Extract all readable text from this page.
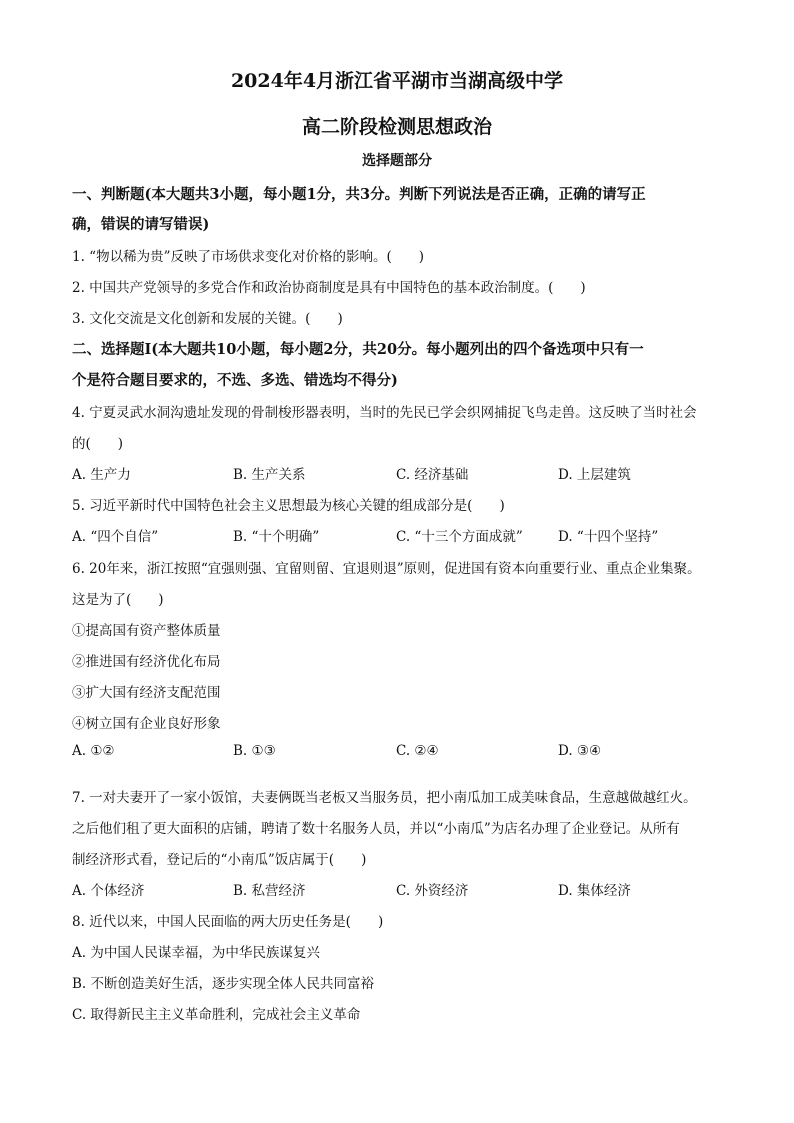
2024年4月浙江省平湖市当湖高级中学
高二阶段检测思想政治
选择题部分
一、判断题(本大题共3小题，每小题1分，共3分。判断下列说法是否正确，正确的请写正
确，错误的请写错误)
1. “物以稀为贵”反映了市场供求变化对价格的影响。(　　)
2. 中国共产党领导的多党合作和政治协商制度是具有中国特色的基本政治制度。(　　)
3. 文化交流是文化创新和发展的关键。(　　)
二、选择题Ⅰ(本大题共10小题，每小题2分，共20分。每小题列出的四个备选项中只有一
个是符合题目要求的，不选、多选、错选均不得分)
4. 宁夏灵武水洞沟遗址发现的骨制梭形器表明，当时的先民已学会织网捕捉飞鸟走兽。这反映了当时社会
的(　　)
A. 生产力	B. 生产关系	C. 经济基础	D. 上层建筑
5. 习近平新时代中国特色社会主义思想最为核心关键的组成部分是(　　)
A. “四个自信”	B. “十个明确”	C. “十三个方面成就”	D. “十四个坚持”
6. 20年来，浙江按照“宜强则强、宜留则留、宜退则退”原则，促进国有资本向重要行业、重点企业集聚。
这是为了(　　)
①提高国有资产整体质量
②推进国有经济优化布局
③扩大国有经济支配范围
④树立国有企业良好形象
A. ①②	B. ①③	C. ②④	D. ③④
7. 一对夫妻开了一家小饭馆，夫妻俩既当老板又当服务员，把小南瓜加工成美味食品，生意越做越红火。
之后他们租了更大面积的店铺，聘请了数十名服务人员，并以“小南瓜”为店名办理了企业登记。从所有
制经济形式看，登记后的“小南瓜”饭店属于(　　)
A. 个体经济	B. 私营经济	C. 外资经济	D. 集体经济
8. 近代以来，中国人民面临的两大历史任务是(　　)
A. 为中国人民谋幸福，为中华民族谋复兴
B. 不断创造美好生活，逐步实现全体人民共同富裕
C. 取得新民主主义革命胜利，完成社会主义革命
